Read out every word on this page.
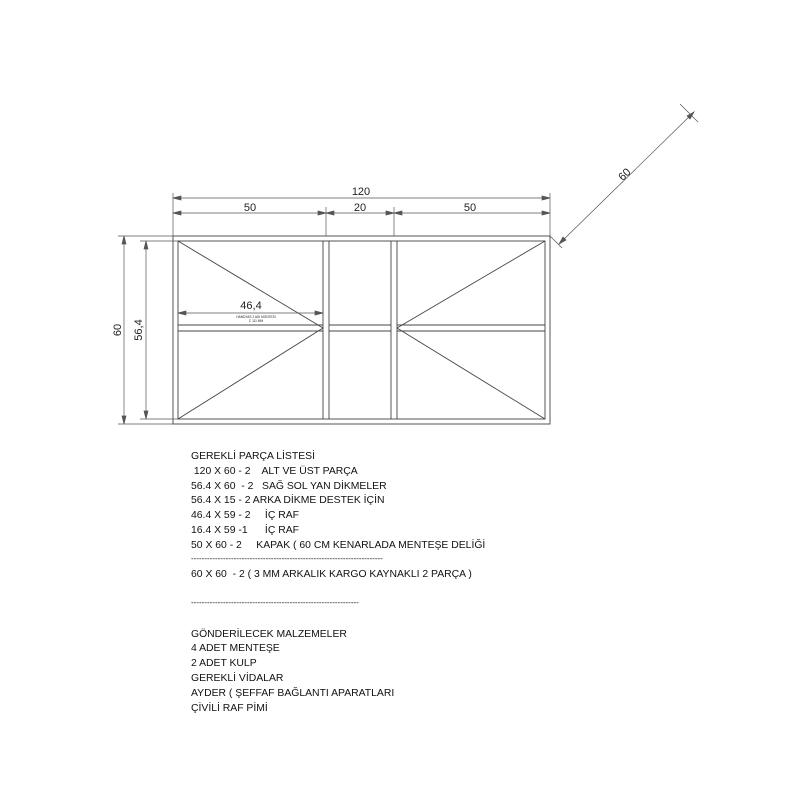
120
50	20	50
60 56,4
46,4
60
HANDYAS 2 ADI MONTESI
C 111 MM
GEREKLİ PARÇA LİSTESİ
120 X 60 - 2    ALT VE ÜST PARÇA
56.4 X 60  - 2   SAĞ SOL YAN DİKMELER
56.4 X 15 - 2 ARKA DİKME DESTEK İÇİN
46.4 X 59 - 2     İÇ RAF
16.4 X 59 -1      İÇ RAF
50 X 60 - 2     KAPAK ( 60 CM KENARLADA MENTEŞE DELİĞİ
------------------------------------------------------------------------
60 X 60  - 2 ( 3 MM ARKALIK KARGO KAYNAKLI 2 PARÇA )
---------------------------------------------------------------
GÖNDERİLECEK MALZEMELER
4 ADET MENTEŞE
2 ADET KULP
GEREKLİ VİDALAR
AYDER ( ŞEFFAF BAĞLANTI APARATLARI
ÇİVİLİ RAF PİMİ
